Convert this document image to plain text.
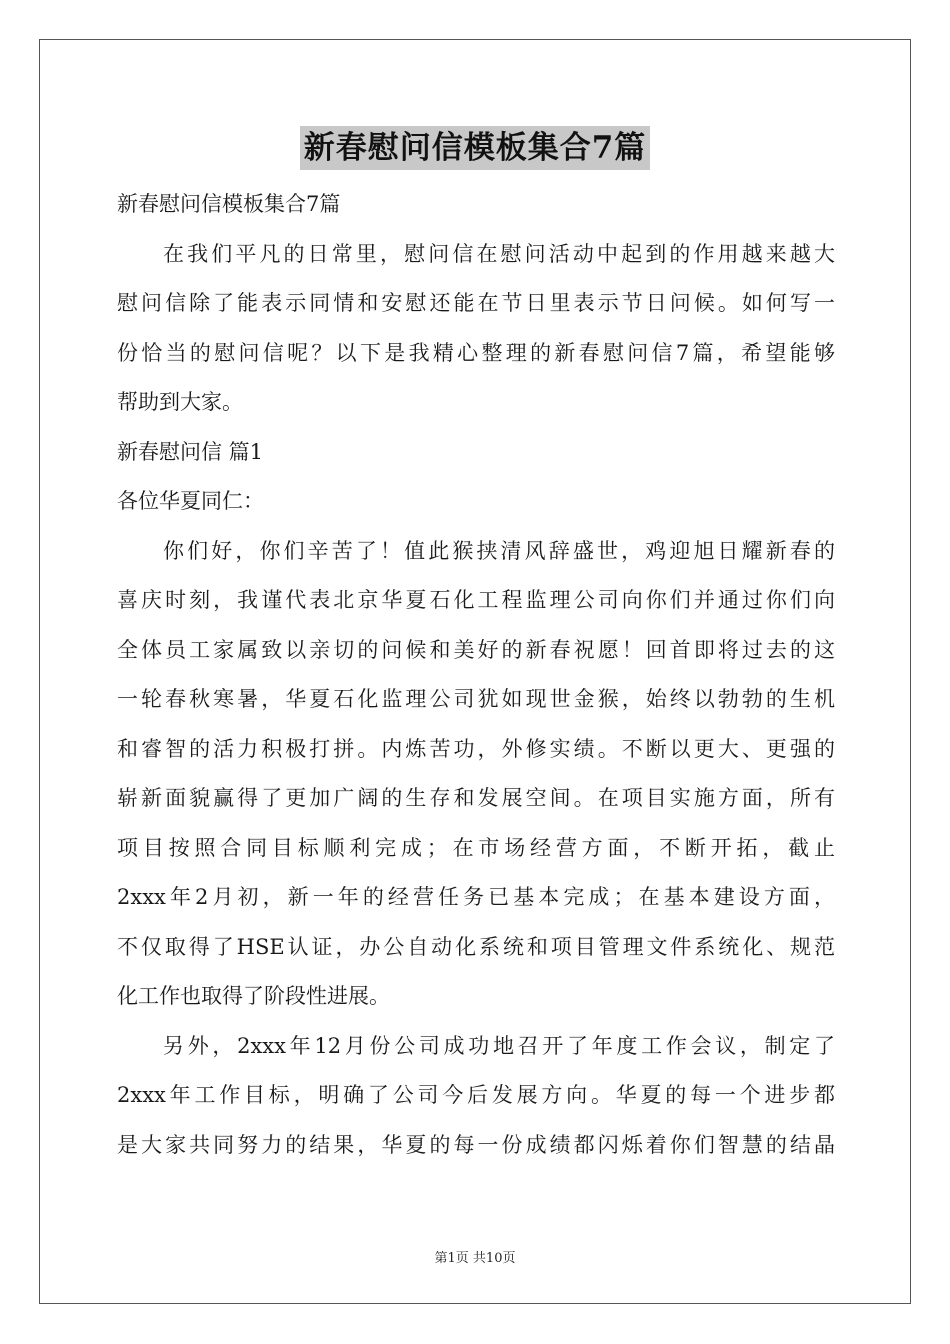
新春慰问信模板集合7篇
新春慰问信模板集合7篇
在我们平凡的日常里，慰问信在慰问活动中起到的作用越来越大
慰问信除了能表示同情和安慰还能在节日里表示节日问候。如何写一
份恰当的慰问信呢？以下是我精心整理的新春慰问信7篇，希望能够
帮助到大家。
新春慰问信 篇1
各位华夏同仁：
你们好，你们辛苦了！值此猴挟清风辞盛世，鸡迎旭日耀新春的
喜庆时刻，我谨代表北京华夏石化工程监理公司向你们并通过你们向
全体员工家属致以亲切的问候和美好的新春祝愿！回首即将过去的这
一轮春秋寒暑，华夏石化监理公司犹如现世金猴，始终以勃勃的生机
和睿智的活力积极打拼。内炼苦功，外修实绩。不断以更大、更强的
崭新面貌赢得了更加广阔的生存和发展空间。在项目实施方面，所有
项目按照合同目标顺利完成；在市场经营方面，不断开拓，截止
2xxx年2月初，新一年的经营任务已基本完成；在基本建设方面，
不仅取得了HSE认证，办公自动化系统和项目管理文件系统化、规范
化工作也取得了阶段性进展。
另外，2xxx年12月份公司成功地召开了年度工作会议，制定了
2xxx年工作目标，明确了公司今后发展方向。华夏的每一个进步都
是大家共同努力的结果，华夏的每一份成绩都闪烁着你们智慧的结晶
第1页 共10页
